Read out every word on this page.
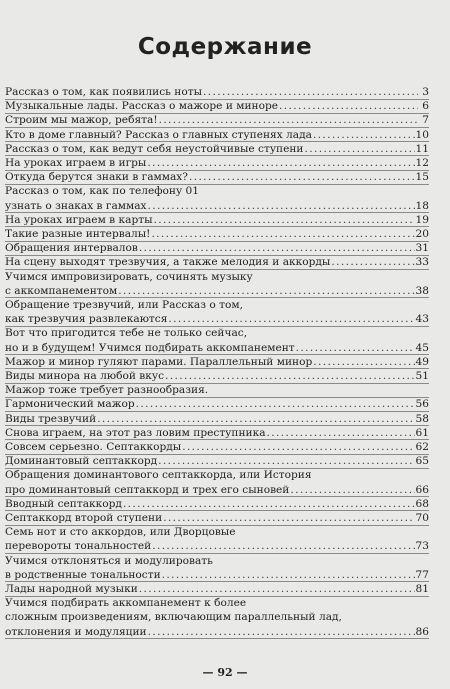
Содержание
Рассказ о том, как появились ноты . . .	3
Музыкальные лады. Рассказ о мажоре и миноре . . .	6
Строим мы мажор, ребята! . . .	7
Кто в доме главный? Рассказ о главных ступенях лада . . .	10
Рассказ о том, как ведут себя неустойчивые ступени . . .	11
На уроках играем в игры . . .	12
Откуда берутся знаки в гаммах? . . .	15
Рассказ о том, как по телефону 01
узнать о знаках в гаммах . . .	18
На уроках играем в карты . . .	19
Такие разные интервалы! . . .	20
Обращения интервалов . . .	31
На сцену выходят трезвучия, а также мелодия и аккорды . . .	33
Учимся импровизировать, сочинять музыку
с аккомпанементом . . .	38
Обращение трезвучий, или Рассказ о том,
как трезвучия развлекаются . . .	43
Вот что пригодится тебе не только сейчас,
но и в будущем! Учимся подбирать аккомпанемент . . .	45
Мажор и минор гуляют парами. Параллельный минор . . .	49
Виды минора на любой вкус . . .	51
Мажор тоже требует разнообразия.
Гармонический мажор . . .	56
Виды трезвучий . . .	58
Снова играем, на этот раз ловим преступника . . .	61
Совсем серьезно. Септаккорды . . .	62
Доминантовый септаккорд . . .	65
Обращения доминантового септаккорда, или История
про доминантовый септаккорд и трех его сыновей . . .	66
Вводный септаккорд . . .	68
Септаккорд второй ступени . . .	70
Семь нот и сто аккордов, или Дворцовые
перевороты тональностей . . .	73
Учимся отклоняться и модулировать
в родственные тональности . . .	77
Лады народной музыки . . .	81
Учимся подбирать аккомпанемент к более
сложным произведениям, включающим параллельный лад,
отклонения и модуляции . . .	86
— 92 —
